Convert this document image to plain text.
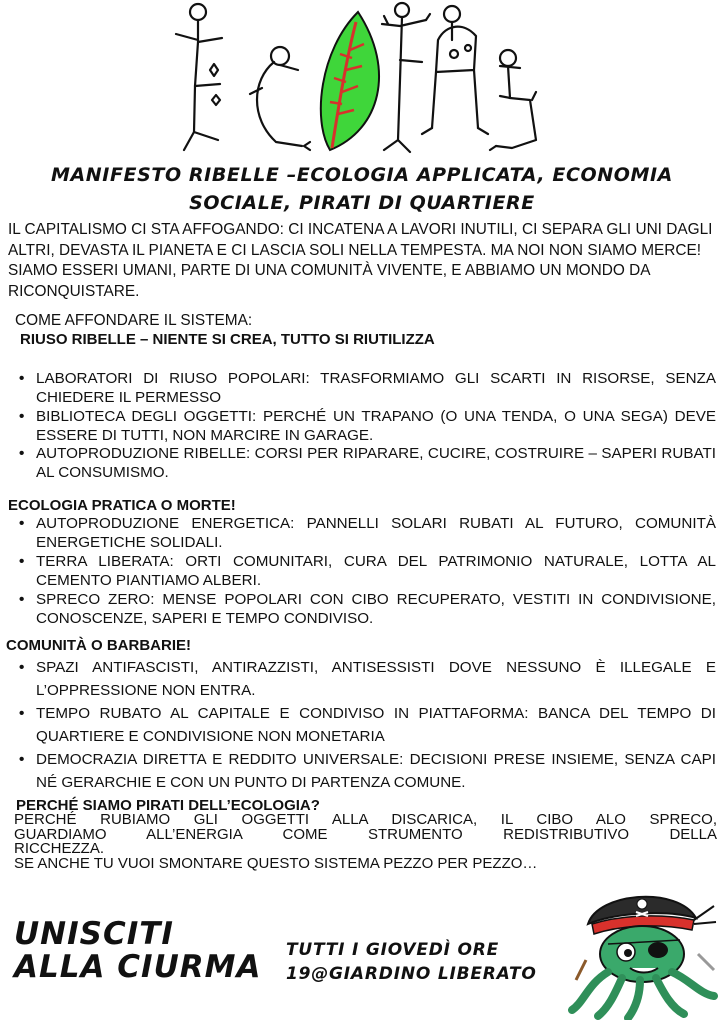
MANIFESTO RIBELLE –ECOLOGIA APPLICATA, ECONOMIA
SOCIALE, PIRATI DI QUARTIERE

IL CAPITALISMO CI STA AFFOGANDO: CI INCATENA A LAVORI INUTILI, CI SEPARA GLI UNI DAGLI ALTRI, DEVASTA IL PIANETA E CI LASCIA SOLI NELLA TEMPESTA. MA NOI NON SIAMO MERCE! SIAMO ESSERI UMANI, PARTE DI UNA COMUNITÀ VIVENTE, E ABBIAMO UN MONDO DA RICONQUISTARE.

COME AFFONDARE IL SISTEMA:

RIUSO RIBELLE – NIENTE SI CREA, TUTTO SI RIUTILIZZA
• LABORATORI DI RIUSO POPOLARI: TRASFORMIAMO GLI SCARTI IN RISORSE, SENZA CHIEDERE IL PERMESSO
• BIBLIOTECA DEGLI OGGETTI: PERCHÉ UN TRAPANO (O UNA TENDA, O UNA SEGA) DEVE ESSERE DI TUTTI, NON MARCIRE IN GARAGE.
• AUTOPRODUZIONE RIBELLE: CORSI PER RIPARARE, CUCIRE, COSTRUIRE – SAPERI RUBATI AL CONSUMISMO.
ECOLOGIA PRATICA O MORTE!
• AUTOPRODUZIONE ENERGETICA: PANNELLI SOLARI RUBATI AL FUTURO, COMUNITÀ ENERGETICHE SOLIDALI.
• TERRA LIBERATA: ORTI COMUNITARI, CURA DEL PATRIMONIO NATURALE, LOTTA AL CEMENTO PIANTIAMO ALBERI.
• SPRECO ZERO: MENSE POPOLARI CON CIBO RECUPERATO, VESTITI IN CONDIVISIONE, CONOSCENZE, SAPERI E TEMPO CONDIVISO.
COMUNITÀ O BARBARIE!
• SPAZI ANTIFASCISTI, ANTIRAZZISTI, ANTISESSISTI DOVE NESSUNO È ILLEGALE E L’OPPRESSIONE NON ENTRA.
• TEMPO RUBATO AL CAPITALE E CONDIVISO IN PIATTAFORMA: BANCA DEL TEMPO DI QUARTIERE E CONDIVISIONE NON MONETARIA
• DEMOCRAZIA DIRETTA E REDDITO UNIVERSALE: DECISIONI PRESE INSIEME, SENZA CAPI NÉ GERARCHIE E CON UN PUNTO DI PARTENZA COMUNE.
PERCHÉ SIAMO PIRATI DELL’ECOLOGIA?
PERCHÉ RUBIAMO GLI OGGETTI ALLA DISCARICA, IL CIBO ALO SPRECO,
GUARDIAMO ALL’ENERGIA COME STRUMENTO REDISTRIBUTIVO DELLA
RICCHEZZA.
SE ANCHE TU VUOI SMONTARE QUESTO SISTEMA PEZZO PER PEZZO…
UNISCITI
ALLA CIURMA TUTTI I GIOVEDÌ ORE
19@GIARDINO LIBERATO
